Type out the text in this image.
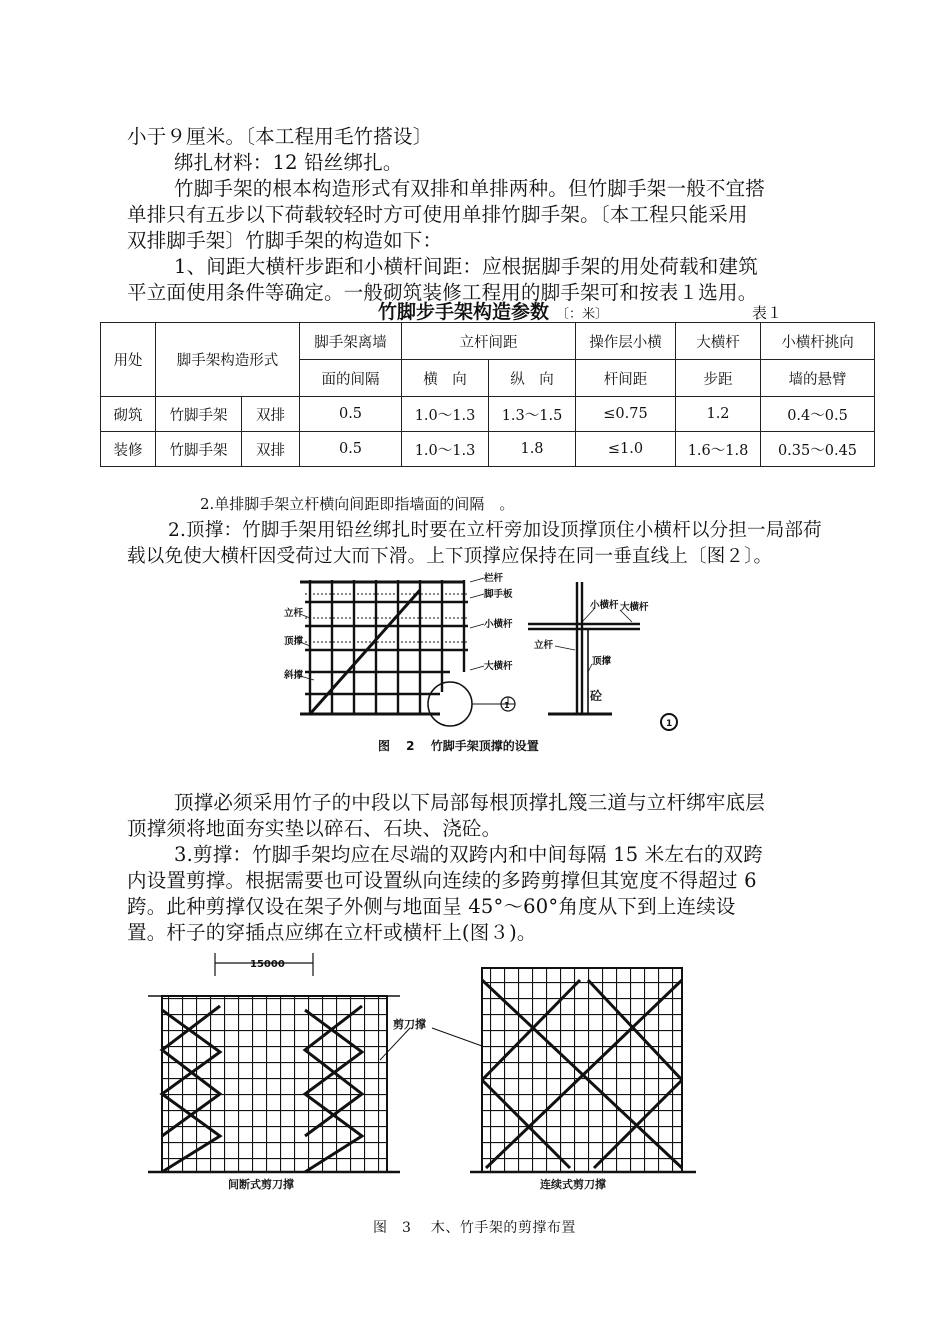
小于９厘米。〔本工程用毛竹搭设〕
绑扎材料：12 铅丝绑扎。
竹脚手架的根本构造形式有双排和单排两种。但竹脚手架一般不宜搭
单排只有五步以下荷载较轻时方可使用单排竹脚手架。〔本工程只能采用
双排脚手架〕竹脚手架的构造如下：
1、间距大横杆步距和小横杆间距：应根据脚手架的用处荷载和建筑
平立面使用条件等确定。一般砌筑装修工程用的脚手架可和按表１选用。
竹脚步手架构造参数 〔：米〕	表１
用处	脚手架构造形式		脚手架离墙	立杆间距		操作层小横	大横杆	小横杆挑向
			面的间隔	横　向	纵　向	杆间距	步距	墙的悬臂
砌筑	竹脚手架	双排	0.5	1.0～1.3	1.3～1.5	≤0.75	1.2	0.4～0.5
装修	竹脚手架	双排	0.5	1.0～1.3	1.8	≤1.0	1.6～1.8	0.35～0.45
2.单排脚手架立杆横向间距即指墙面的间隔　。
2.顶撑：竹脚手架用铅丝绑扎时要在立杆旁加设顶撑顶住小横杆以分担一局部荷
载以免使大横杆因受荷过大而下滑。上下顶撑应保持在同一垂直线上〔图２〕。
栏杆
脚手板
立杆
小横杆
顶撑
大横杆
斜撑
小横杆 大横杆
立杆
顶撑
砼
1
1
图　 2 　竹脚手架顶撑的设置
顶撑必须采用竹子的中段以下局部每根顶撑扎篾三道与立杆绑牢底层
顶撑须将地面夯实垫以碎石、石块、浇砼。
3.剪撑：竹脚手架均应在尽端的双跨内和中间每隔 15 米左右的双跨
内设置剪撑。根据需要也可设置纵向连续的多跨剪撑但其宽度不得超过 6
跨。此种剪撑仅设在架子外侧与地面呈 45°～60°角度从下到上连续设
置。杆子的穿插点应绑在立杆或横杆上(图３)。
15000
剪刀撑
间断式剪刀撑	连续式剪刀撑
图　3　 木、竹手架的剪撑布置
